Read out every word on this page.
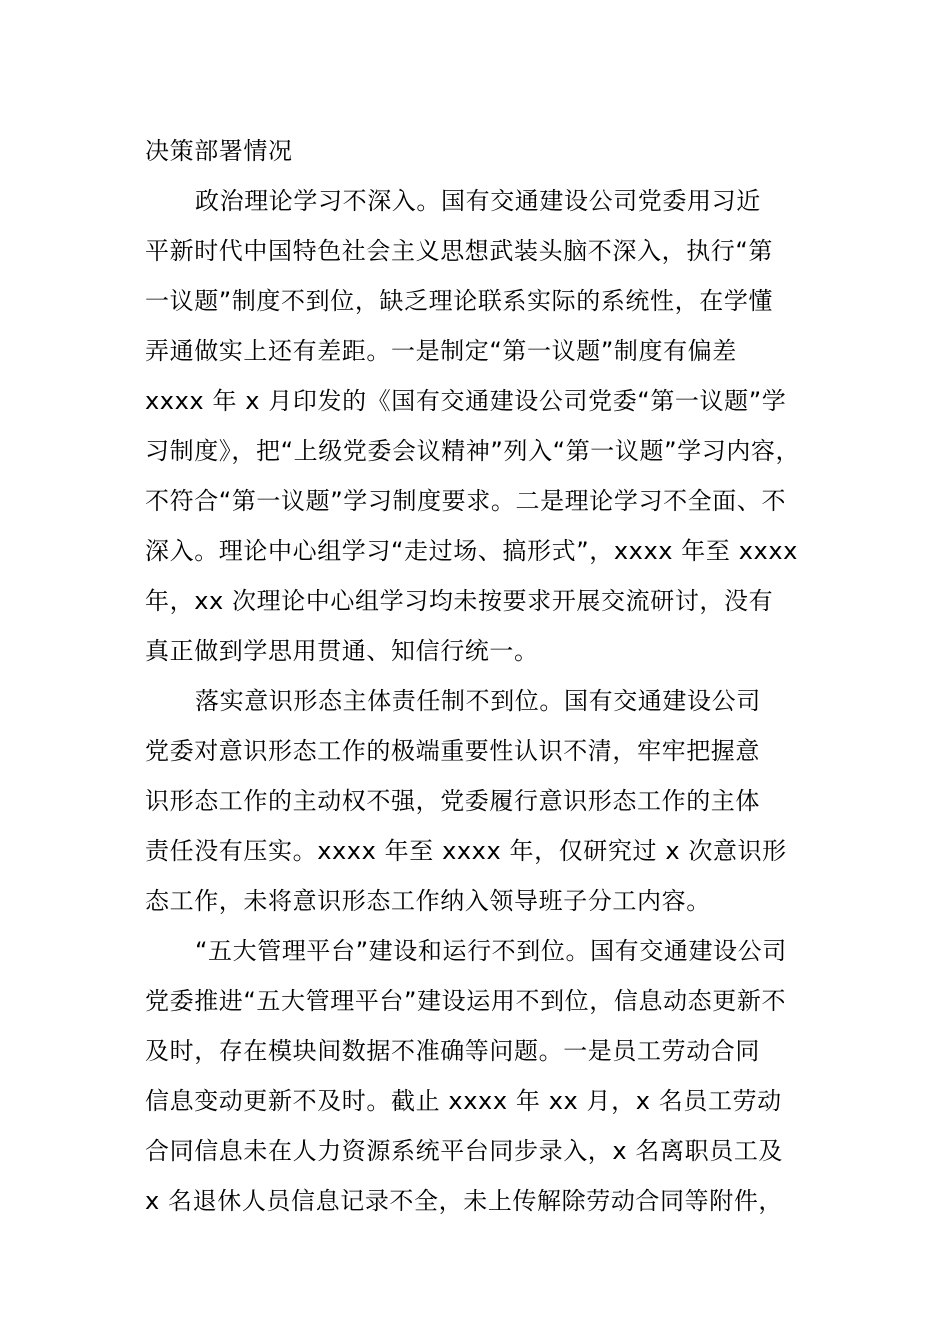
决策部署情况
政治理论学习不深入。国有交通建设公司党委用习近
平新时代中国特色社会主义思想武装头脑不深入，执行“第
一议题”制度不到位，缺乏理论联系实际的系统性，在学懂
弄通做实上还有差距。一是制定“第一议题”制度有偏差
xxxx 年 x 月印发的《国有交通建设公司党委“第一议题”学
习制度》，把“上级党委会议精神”列入“第一议题”学习内容，
不符合“第一议题”学习制度要求。二是理论学习不全面、不
深入。理论中心组学习“走过场、搞形式”，xxxx 年至 xxxx
年，xx 次理论中心组学习均未按要求开展交流研讨，没有
真正做到学思用贯通、知信行统一。
落实意识形态主体责任制不到位。国有交通建设公司
党委对意识形态工作的极端重要性认识不清，牢牢把握意
识形态工作的主动权不强，党委履行意识形态工作的主体
责任没有压实。xxxx 年至 xxxx 年，仅研究过 x 次意识形
态工作，未将意识形态工作纳入领导班子分工内容。
“五大管理平台”建设和运行不到位。国有交通建设公司
党委推进“五大管理平台”建设运用不到位，信息动态更新不
及时，存在模块间数据不准确等问题。一是员工劳动合同
信息变动更新不及时。截止 xxxx 年 xx 月，x 名员工劳动
合同信息未在人力资源系统平台同步录入，x 名离职员工及
x 名退休人员信息记录不全，未上传解除劳动合同等附件，
